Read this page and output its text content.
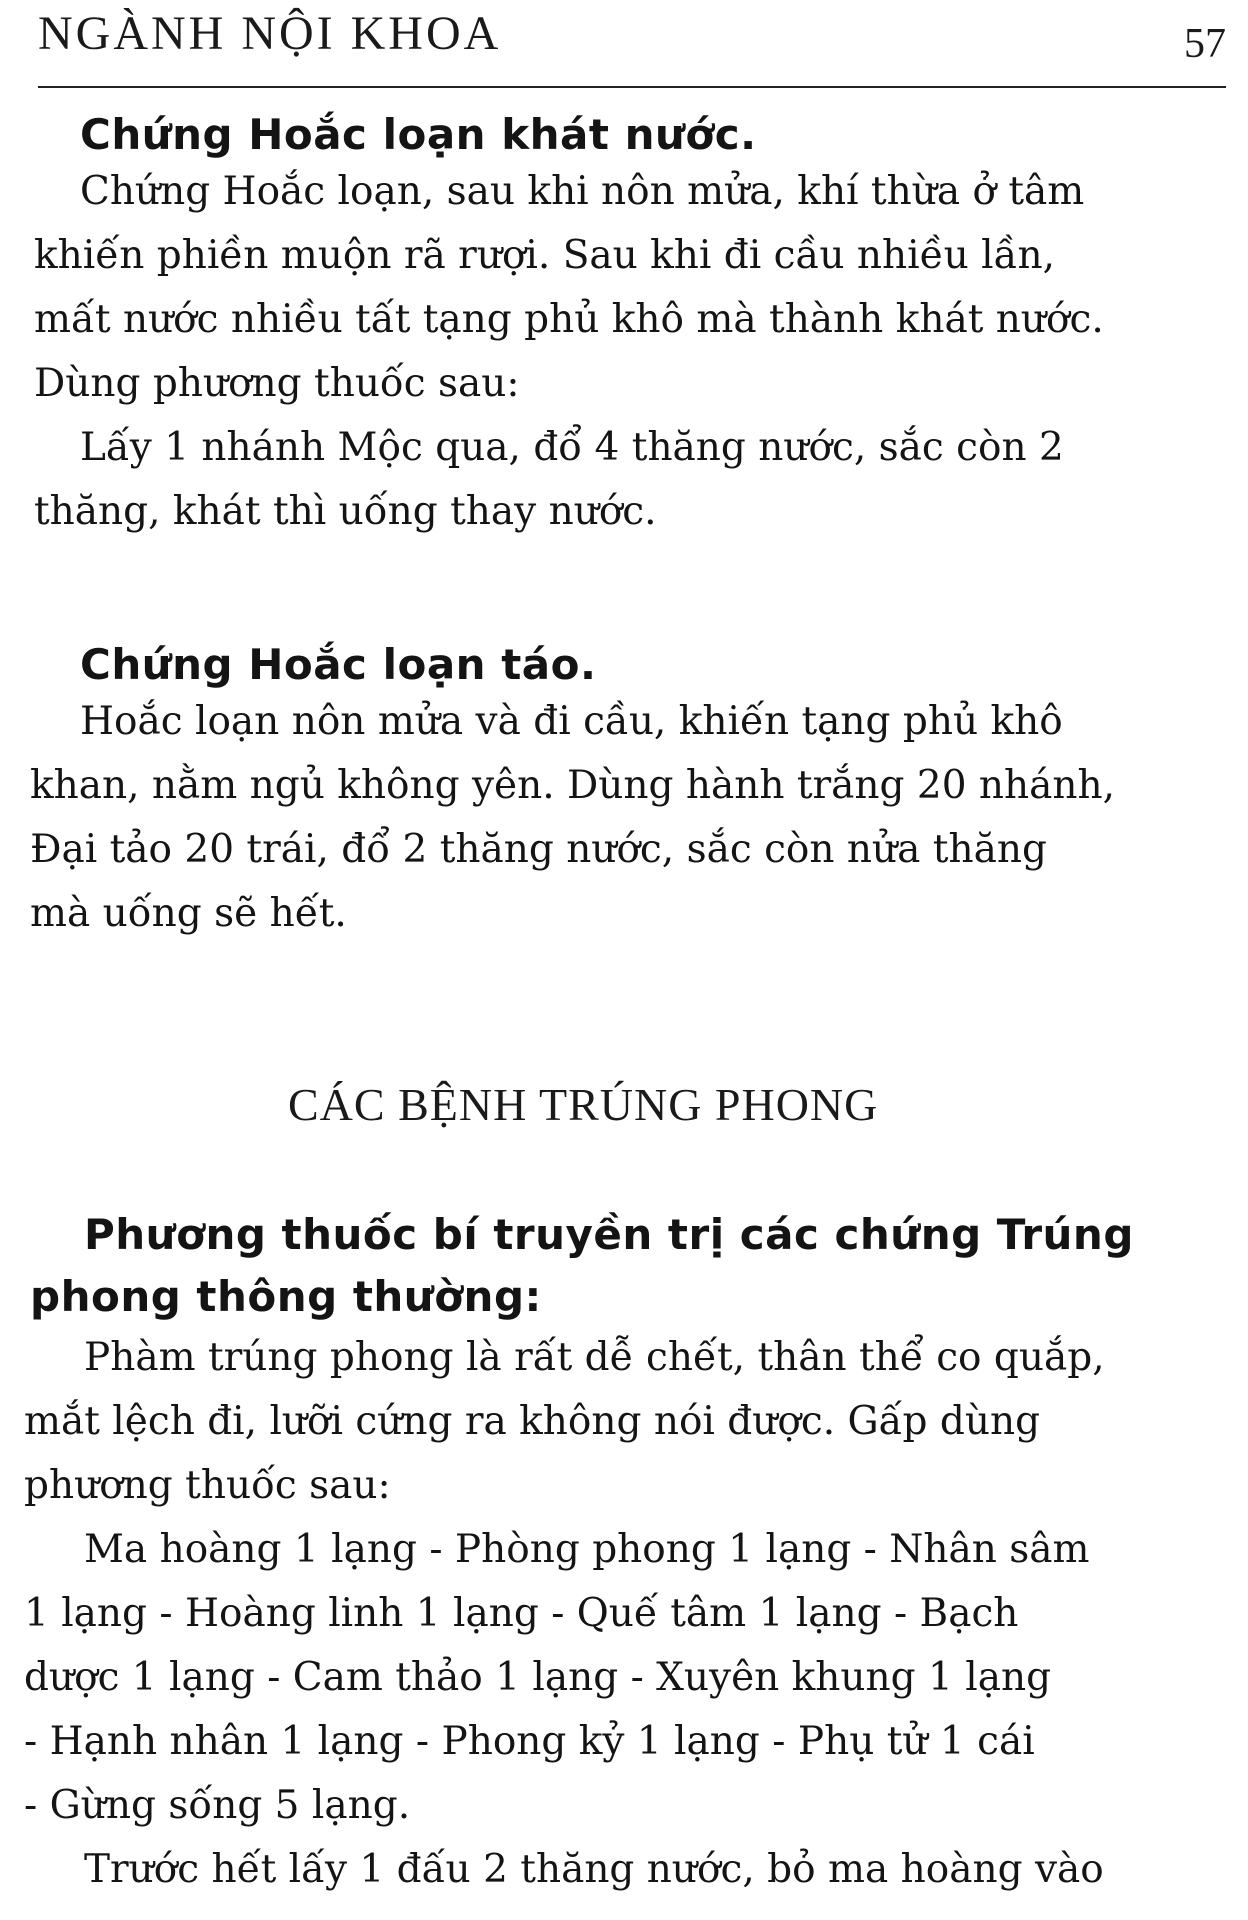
NGÀNH NỘI KHOA	57
Chứng Hoắc loạn khát nước.
Chứng Hoắc loạn, sau khi nôn mửa, khí thừa ở tâm
khiến phiền muộn rã rượi. Sau khi đi cầu nhiều lần,
mất nước nhiều tất tạng phủ khô mà thành khát nước.
Dùng phương thuốc sau:
Lấy 1 nhánh Mộc qua, đổ 4 thăng nước, sắc còn 2
thăng, khát thì uống thay nước.
Chứng Hoắc loạn táo.
Hoắc loạn nôn mửa và đi cầu, khiến tạng phủ khô
khan, nằm ngủ không yên. Dùng hành trắng 20 nhánh,
Đại tảo 20 trái, đổ 2 thăng nước, sắc còn nửa thăng
mà uống sẽ hết.
CÁC BỆNH TRÚNG PHONG
Phương thuốc bí truyền trị các chứng Trúng
phong thông thường:
Phàm trúng phong là rất dễ chết, thân thể co quắp,
mắt lệch đi, lưỡi cứng ra không nói được. Gấp dùng
phương thuốc sau:
Ma hoàng 1 lạng - Phòng phong 1 lạng - Nhân sâm
1 lạng - Hoàng linh 1 lạng - Quế tâm 1 lạng - Bạch
dược 1 lạng - Cam thảo 1 lạng - Xuyên khung 1 lạng
- Hạnh nhân 1 lạng - Phong kỷ 1 lạng - Phụ tử 1 cái
- Gừng sống 5 lạng.
Trước hết lấy 1 đấu 2 thăng nước, bỏ ma hoàng vào
